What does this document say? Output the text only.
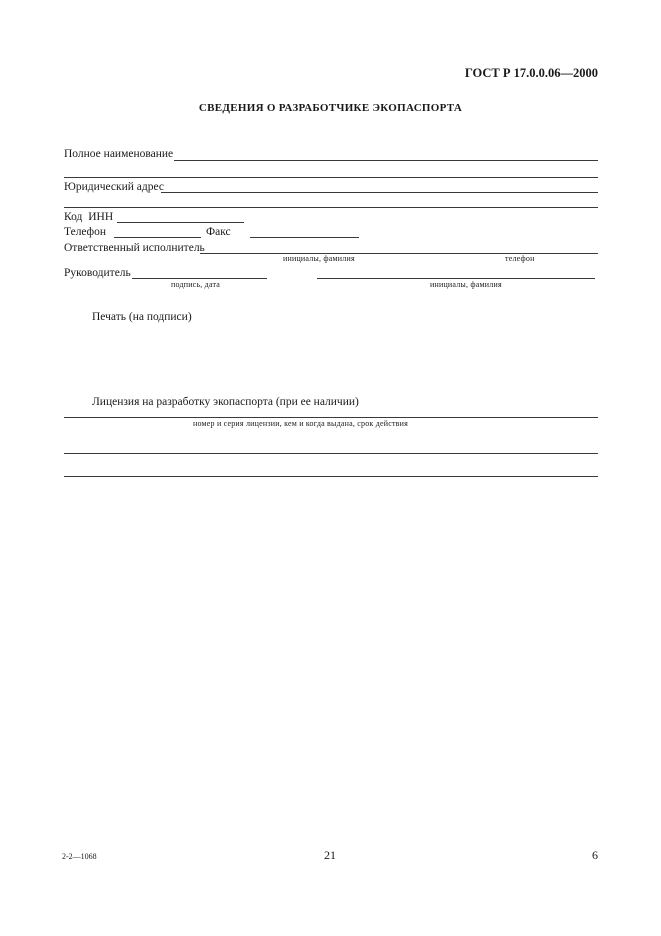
ГОСТ Р 17.0.0.06—2000
СВЕДЕНИЯ О РАЗРАБОТЧИКЕ ЭКОПАСПОРТА
Полное наименование
Юридический адрес
Код ИНН
Телефон	Факс
Ответственный исполнитель
инициалы, фамилия	телефон
Руководитель
подпись, дата	инициалы, фамилия
Печать (на подписи)
Лицензия на разработку экопаспорта (при ее наличии)
номер и серия лицензии, кем и когда выдана, срок действия
2-2—1068	21	6
